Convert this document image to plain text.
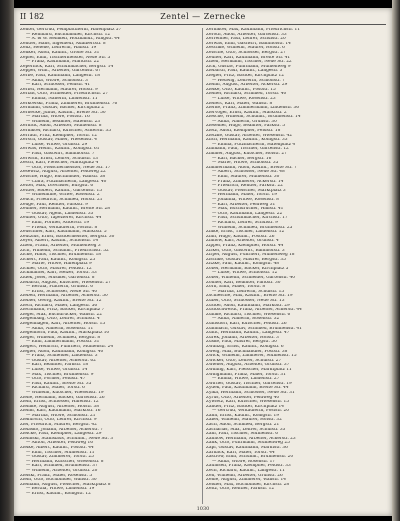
II 182	Zentel — Zernecke
Zentel, Gertrud, Feinplättnerin, Hafenplatz 57
— Reinhard, Buchhändler, Kirchstr. 12
— A. & W. Reinkell, Holzhandl., Ringstr. 44
Zentler, Hans, Ingenieur, Adalbertstr. 8
Zenz, Helene, Lehrerin, Wallstr. 19
Zenker, Adolf, Kaufm., Große Str. 31
Zepler, Emil, Tischlermeister, Neue Str. 5
— Franz, Kaufmann, Marktstr. 22
Zepernick, Karl, Schuhmacher, Bergstr. 14
Zeppel, Wilh., Arbeiter, Gartenstr. 67
Zerbe, Paul, Kaufmann, Langestr. 18
— Anna, Witwe, Schloßstr. 3
— Karl, Schlosser, Feldstr. 41
Zerbst, Hermann, Maurer, Hofstr. 9
Zerfaß, Otto, Schneider, Friedrichstr. 27
— Emma, Näherin, Lindenstr. 11
Zerkowski, Franz, Zimmerer, Brunnenstr. 76
Zermann, Gustav, Bäcker, Kirchplatz 2
Zernecke, Julius, Kaufm., Breite Str. 50
— Martha, Witwe, Poststr. 16
— Wilhelm, Beamter, Hafenstr. 23
Zernick, Adolf, Arbeiter, Mühlenstr. 8
Zernikow, Richard, Kutscher, Ackerstr. 35
Zerrath, Fritz, Klempner, Torstr. 12
Zersch, Gustav, Maler, Wiesenstr. 4
— Luise, Witwe, Grünstr. 29
Zerwas, Heinr., Kaufm., Königstr. 61
— Paul, Gastwirt, Bahnhofstr. 7
Zerwick, Ernst, Lehrer, Schulstr. 13
Zesch, Karl, Fleischer, Marktplatz 4
— Otto, Fleischermeister, Neue Str. 17
Zesewitz, August, Arbeiter, Feldweg 22
Zetsche, Hugo, Buchbinder, Wallstr. 38
— Clara, Putzmacherin, Langestr. 40
Zettel, Max, Drechsler, Burgstr. 6
Zettler, Robert, Kaufm., Gartenstr. 15
— Wilhelmine, Witwe, Rosenstr. 2
Zeuch, Friedrich, Schmied, Hofstr. 21
Zeuge, Paul, Rentier, Parkstr. 9
Zeumer, Hermann, Kaufm., Breite Str. 28
— Gustav, Agent, Lindenstr. 33
Zeuner, Otto, Tapezierer, Kirchstr. 44
— Emil, Former, Ackerstr. 19
— Frieda, Verkäuferin, Poststr. 8
Zeuschner, Karl, Kaufmann, Marktstr. 5
Zeutzius, Ernst, Bäckermeister, Bergstr. 30
Zeyer, Albert, Kaufm., Schloßstr. 14
Zibell, Franz, Arbeiter, Mühlenweg 3
Zich, Wilhelm, Schuhm., Friedrichstr. 52
Zicke, Hans, Tischler, Brunnenstr. 18
Zickert, Paul, Kaufm., Königstr. 25
— Marie, Witwe, Hafenplatz 9
Zickler, Otto, Maurer, Feldstr. 12
Zickmantel, Karl, Heizer, Torstr. 33
Zidek, Josef, Musiker, Gartenstr. 8
Ziebarth, August, Kutscher, Wiesenstr. 27
— Bertha, Plätterin, Grünstr. 6
— Ernst, Schlosser, Neue Str. 40
Ziebell, Hermann, Arbeiter, Ackerstr. 50
Ziebler, Georg, Kaufm., Breite Str. 12
Ziech, Richard, Maler, Langestr. 56
Ziechmann, Fritz, Bäcker, Kirchplatz 7
Ziegel, Max, Buchdrucker, Wallstr. 22
Ziegenbalg, Otto, Lehrer, Schulstr. 4
Ziegenhagen, Karl, Arbeiter, Hofstr. 15
— Anna, Näherin, Rosenstr. 11
Ziegenhorn, Paul, Kaufm., Marktplatz 10
Zieger, Wilhelm, Schmied, Bergstr. 8
— Emil, Zimmermann, Poststr. 31
Ziegert, Heinrich, Fuhrherr, Mühlenstr. 24
Ziegler, Adolf, Kaufmann, Königstr. 40
— Franz, Schneider, Lindenstr. 3
— Gustav, Arbeiter, Ackerstr. 62
— Karl, Beamter, Parkstr. 18
— Luise, Witwe, Grünstr. 14
— Max, Tischler, Brunnenstr. 9
— Otto, Former, Feldstr. 47
— Paul, Kaufm., Breite Str. 35
— Richard, Maler, Torstr. 6
— Wilhelm, Kutscher, Wiesenstr. 19
Ziehe, Hermann, Bäcker, Gartenstr. 26
Ziehl, Ernst, Schlosser, Hafenstr. 12
Ziehlke, August, Arbeiter, Hofstr. 38
Ziehm, Karl, Kaufmann, Marktstr. 16
— Martha, Witwe, Schloßstr. 21
Ziekursch, Otto, Lehrer, Kirchstr. 9
Ziel, Friedrich, Maurer, Bergstr. 42
Zielasko, Johann, Arbeiter, Ackerstr. 7
Zielcke, Paul, Klempner, Langestr. 29
Zielinski, Stanislaus, Schuhm., Neue Str. 3
— Anton, Arbeiter, Feldweg 16
Zielke, Albert, Kaufm., Poststr. 44
— Emil, Tischler, Mühlenstr. 11
— Gustav, Zimmerer, Torstr. 25
— Hermann, Kutscher, Wiesenstr. 8
— Karl, Schmied, Brunnenstr. 37
— Wilhelm, Arbeiter, Grünstr. 20
Zielski, Franz, Maler, Rosenstr. 5
Ziem, Otto, Buchbinder, Wallstr. 30
Ziemann, August, Fleischer, Marktplatz 8
— Bertha, Witwe, Lindenstr. 19
— Ernst, Kaufm., Königstr. 12
Zernikow, Max, Kaufmann, Friedrichstr. 11
Zeroth, Adolf, Arbeiter, Gartenstr. 33
Zerrenner, Paul, Lehrer, Schulstr. 20
Zerwas, Emil, Gastwirt, Bahnhofstr. 14
Zeschke, Wilhelm, Maurer, Hofstr. 6
Zetsche, Otto, Schlosser, Bergstr. 27
Zeuner, Karl, Kaufmann, Breite Str. 41
Zibell, Hermann, Tischler, Neue Str. 22
Zick, Gustav, Fuhrmann, Mühlenweg 9
Ziebarth, Paul, Kaufm., Langestr. 3
Ziegler, Fritz, Bäcker, Kirchplatz 12
— Hedwig, Lehrerin, Schloßstr. 7
Ziehm, August, Arbeiter, Ackerstr. 29
Zielke, Otto, Kaufm., Poststr. 15
Ziemer, Richard, Schmied, Torstr. 40
— Luise, Witwe, Rosenstr. 23
Zienert, Karl, Maler, Wallstr. 8
Zierke, Franz, Zimmermann, Lindenstr. 36
Ziervogel, Ernst, Kaufm., Marktstr. 2
Ziesche, Wilhelm, Schuhm., Brunnenstr. 14
— Anna, Näherin, Grünstr. 30
Ziesemer, Hugo, Beamter, Parkstr. 5
Zietz, Adolf, Klempner, Feldstr. 18
Zietzke, Gustav, Arbeiter, Wiesenstr. 42
Zilch, Hermann, Kaufm., Königstr. 33
— Emma, Putzmacherin, Hafenplatz 4
Zillmann, Paul, Tischler, Gartenstr. 12
Zimmer, August, Kutscher, Hofstr. 27
— Karl, Bäcker, Bergstr. 16
— Marie, Witwe, Schloßstr. 35
Zimmermann, Adolf, Kaufm., Breite Str. 7
— Albert, Schlosser, Neue Str. 48
— Emil, Maurer, Mühlenstr. 30
— Franz, Zimmerer, Ackerstr. 14
— Friedrich, Rentier, Parkstr. 22
— Gustav, Fleischer, Marktplatz 3
— Hermann, Maler, Torstr. 19
— Johanna, Witwe, Rosenstr. 8
— Karl, Arbeiter, Feldweg 31
— Max, Buchdrucker, Wallstr. 41
— Otto, Kaufmann, Langestr. 22
— Paul, Schuhmacher, Kirchstr. 17
— Richard, Lehrer, Schulstr. 9
— Wilhelm, Schmied, Brunnenstr. 25
Zinke, Ernst, Tischler, Lindenstr. 12
Zinn, Hugo, Kaufm., Poststr. 26
Zinnow, Karl, Arbeiter, Grünstr. 4
Zipper, Franz, Klempner, Hofstr. 44
Zirkel, Otto, Gastwirt, Bahnhofstr. 3
Zirpel, August, Fuhrherr, Mühlenweg 18
Zischke, Gustav, Maurer, Bergstr. 35
Zitzke, Paul, Kaufm., Königstr. 48
Zobel, Hermann, Bäcker, Kirchplatz 5
— Luise, Witwe, Schloßstr. 12
Zober, Wilhelm, Schneider, Gartenstr. 40
Zöllner, Karl, Beamter, Parkstr. 30
Zorn, Emil, Maler, Torstr. 8
— Martha, Lehrerin, Schulstr. 15
Zschiesche, Max, Kaufm., Breite Str. 19
Zuber, Otto, Schlosser, Neue Str. 13
Zucker, Adolf, Kaufmann, Marktstr. 29
Zuckschwerdt, Franz, Arbeiter, Ackerstr. 44
Zühlke, Richard, Tischler, Wiesenstr. 6
— Anna, Näherin, Rosenstr. 32
Zühlsdorf, Karl, Kutscher, Feldstr. 26
Zummach, Gustav, Schmied, Brunnenstr. 41
Zunft, Hermann, Kaufm., Langestr. 47
Zurek, Johann, Arbeiter, Hofstr. 3
Zuske, Paul, Maurer, Bergstr. 50
Zwanzig, Ernst, Kaufm., Königstr. 6
Zweig, Max, Buchhändler, Poststr. 38
Zwick, Wilhelm, Zimmerer, Mühlenstr. 15
Zwicker, Otto, Lehrer, Schulstr. 27
Zwiener, August, Arbeiter, Grünstr. 37
Zwilling, Karl, Fleischer, Marktplatz 11
Zwingmann, Franz, Maler, Torstr. 31
— Emma, Witwe, Lindenstr. 27
Zwirner, Gustav, Tischler, Gartenstr. 19
Zydek, Paul, Kaufmann, Breite Str. 44
Zylka, Hermann, Schlosser, Neue Str. 31
Zyrus, Otto, Arbeiter, Feldweg 40
Zywietz, Karl, Kutscher, Wiesenstr. 15
Zander, Fritz, Bäcker, Kirchplatz 14
— Gertrud, Verkäuferin, Poststr. 20
Zahn, Ernst, Kaufm., Königstr. 19
Zabel, Wilhelm, Maurer, Hofstr. 32
Zach, Adolf, Schmied, Bergstr. 21
Zacharias, Max, Lehrer, Schulstr. 33
Zahl, Paul, Tischler, Mühlenstr. 6
Zahnow, Hermann, Arbeiter, Ackerstr. 23
Zank, Otto, Fuhrmann, Mühlenweg 25
Zapf, Gustav, Kaufmann, Marktstr. 36
Zarnack, Karl, Maler, Torstr. 44
Zastrow, Emil, Schuhm., Brunnenstr. 20
— Anna, Witwe, Rosenstr. 17
Zaumseil, Franz, Klempner, Feldstr. 33
Zech, Richard, Kaufm., Langestr. 11
Zeh, Wilhelm, Arbeiter, Grünstr. 26
Zehle, August, Zimmerer, Wallstr. 14
Zeidler, Max, Buchbinder, Kirchstr. 28
Zeitz, Otto, Rentier, Parkstr. 12
1030
